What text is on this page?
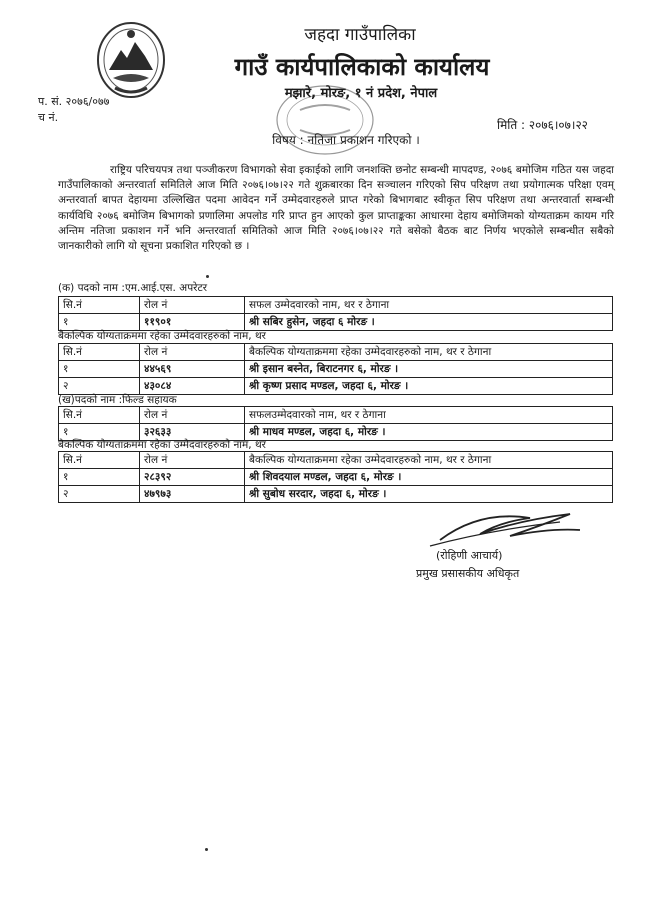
जहदा गाउँपालिका
गाउँ कार्यपालिकाको कार्यालय
मझारे, मोरङ, १ नं प्रदेश, नेपाल
प. सं. २०७६/०७७
च नं.
मिति : २०७६।०७।२२
विषय : नतिजा प्रकाशन गरिएको ।
राष्ट्रिय परिचयपत्र तथा पञ्जीकरण विभागको सेवा इकाईको लागि जनशक्ति छनोट सम्बन्धी मापदण्ड, २०७६ बमोजिम गठित यस जहदा गाउँपालिकाको अन्तरवार्ता समितिले आज मिति २०७६।०७।२२ गते शुक्रबारका दिन सञ्चालन गरिएको सिप परिक्षण तथा प्रयोगात्मक परिक्षा एवम् अन्तरवार्ता बापत देहायमा उल्लिखित पदमा आवेदन गर्ने उम्मेदवारहरुले प्राप्त गरेको बिभागबाट स्वीकृत सिप परिक्षण तथा अन्तरवार्ता सम्बन्धी कार्यविधि २०७६ बमोजिम बिभागको प्रणालिमा अपलोड गरि प्राप्त हुन आएको कुल प्राप्ताङ्कका आधारमा देहाय बमोजिमको योग्यताक्रम कायम गरि अन्तिम नतिजा प्रकाशन गर्ने भनि अन्तरवार्ता समितिको आज मिति २०७६।०७।२२ गते बसेको बैठक बाट निर्णय भएकोले सम्बन्धीत सबैको जानकारीको लागि यो सूचना प्रकाशित गरिएको छ ।
(क) पदको नाम :एम.आई.एस. अपरेटर
सि.नं	रोल नं	सफल उम्मेदवारको नाम, थर र ठेगाना
१	११९०१	श्री सबिर हुसेन, जहदा ६ मोरङ ।
बैकल्पिक योग्यताक्रममा रहेका उम्मेदवारहरुको नाम, थर
सि.नं	रोल नं	बैकल्पिक योग्यताक्रममा रहेका उम्मेदवारहरुको नाम, थर र ठेगाना
१	४४५६९	श्री इसान बस्नेत, बिराटनगर ६, मोरङ ।
२	४३०८४	श्री कृष्ण प्रसाद मण्डल, जहदा ६, मोरङ ।
(ख)पदको नाम :फिल्ड सहायक
सि.नं	रोल नं	सफलउम्मेदवारको नाम, थर र ठेगाना
१	३२६३३	श्री माधव मण्डल, जहदा ६, मोरङ ।
बैकल्पिक योग्यताक्रममा रहेका उम्मेदवारहरुको नाम, थर
सि.नं	रोल नं	बैकल्पिक योग्यताक्रममा रहेका उम्मेदवारहरुको नाम, थर र ठेगाना
१	२८३९२	श्री शिवदयाल मण्डल, जहदा ६, मोरङ ।
२	४७९७३	श्री सुबोध सरदार, जहदा ६, मोरङ ।
(रोहिणी आचार्य)
प्रमुख प्रसासकीय अधिकृत
